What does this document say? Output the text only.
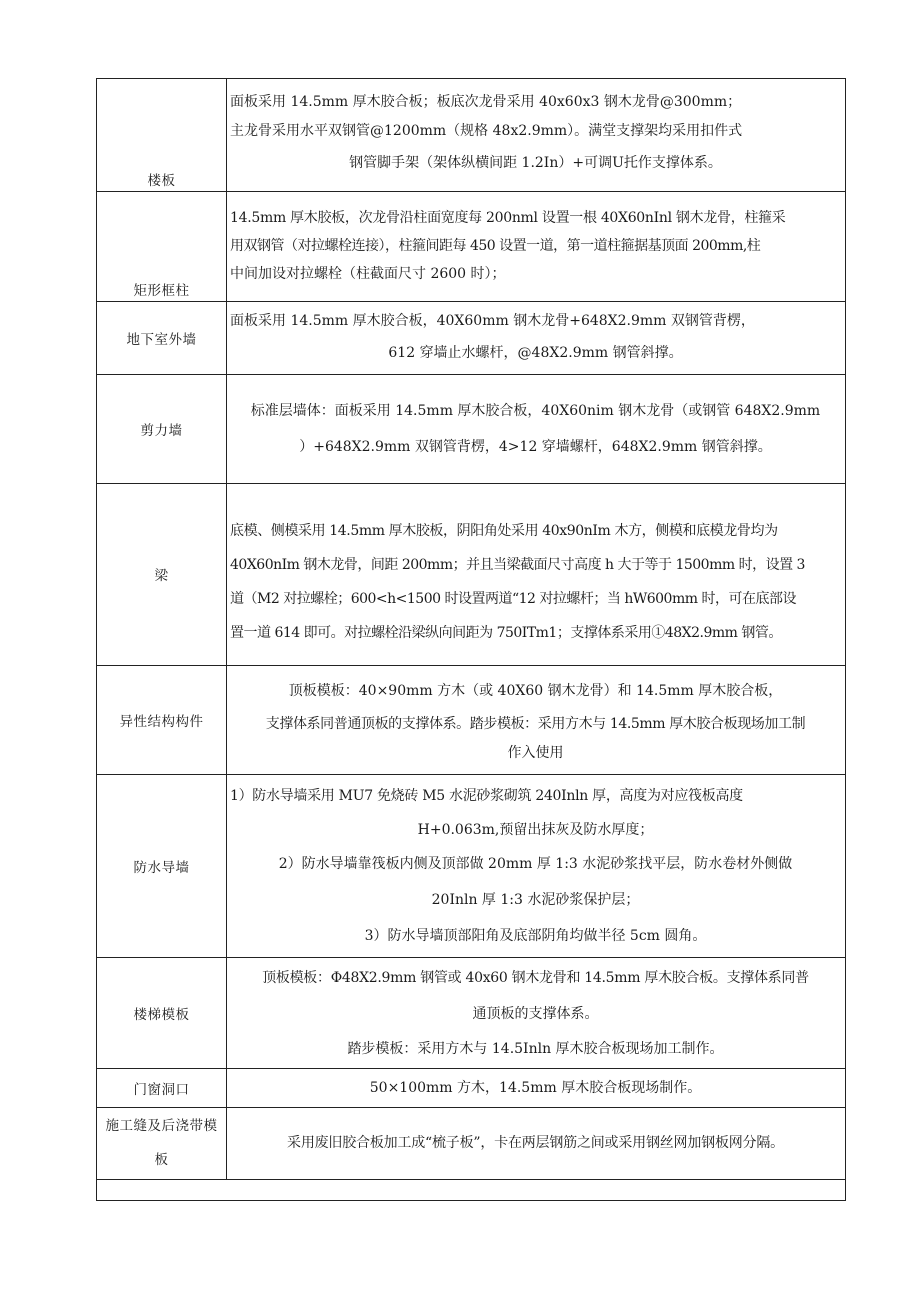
楼板	面板采用 14.5mm 厚木胶合板；板底次龙骨采用 40x60x3 钢木龙骨@300mm；
主龙骨采用水平双钢管@1200mm（规格 48x2.9mm）。满堂支撑架均采用扣件式
钢管脚手架（架体纵横间距 1.2In）+可调U托作支撑体系。

矩形框柱	14.5mm 厚木胶板，次龙骨沿柱面宽度每 200nml 设置一根 40X60nInl 钢木龙骨，柱箍采
用双钢管（对拉螺栓连接），柱箍间距每 450 设置一道，第一道柱箍据基顶面 200mm,柱
中间加设对拉螺栓（柱截面尺寸 2600 时）；

地下室外墙	面板采用 14.5mm 厚木胶合板，40X60mm 钢木龙骨+648X2.9mm 双钢管背楞，
612 穿墙止水螺杆，@48X2.9mm 钢管斜撑。

剪力墙	标准层墙体：面板采用 14.5mm 厚木胶合板，40X60nim 钢木龙骨（或钢管 648X2.9mm
）+648X2.9mm 双钢管背楞，4>12 穿墙螺杆，648X2.9mm 钢管斜撑。

梁	底模、侧模采用 14.5mm 厚木胶板，阴阳角处采用 40x90nIm 木方，侧模和底模龙骨均为
40X60nIm 钢木龙骨，间距 200mm；并且当梁截面尺寸高度 h 大于等于 1500mm 时，设置 3
道（M2 对拉螺栓；600<h<1500 时设置两道“12 对拉螺杆；当 hW600mm 时，可在底部设
置一道 614 即可。对拉螺栓沿梁纵向间距为 750ITm1；支撑体系采用①48X2.9mm 钢管。

异性结构构件	顶板模板：40×90mm 方木（或 40X60 钢木龙骨）和 14.5mm 厚木胶合板，
支撑体系同普通顶板的支撑体系。踏步模板：采用方木与 14.5mm 厚木胶合板现场加工制
作入使用

防水导墙	1）防水导墙采用 MU7 免烧砖 M5 水泥砂浆砌筑 240Inln 厚，高度为对应筏板高度
H+0.063m,预留出抹灰及防水厚度；
2）防水导墙靠筏板内侧及顶部做 20mm 厚 1:3 水泥砂浆找平层，防水卷材外侧做
20Inln 厚 1:3 水泥砂浆保护层；
3）防水导墙顶部阳角及底部阴角均做半径 5cm 圆角。

楼梯模板	顶板模板：Φ48X2.9mm 钢管或 40x60 钢木龙骨和 14.5mm 厚木胶合板。支撑体系同普
通顶板的支撑体系。
踏步模板：采用方木与 14.5Inln 厚木胶合板现场加工制作。

门窗洞口	50×100mm 方木，14.5mm 厚木胶合板现场制作。

施工缝及后浇带模
板	采用废旧胶合板加工成“梳子板”，卡在两层钢筋之间或采用钢丝网加钢板网分隔。
